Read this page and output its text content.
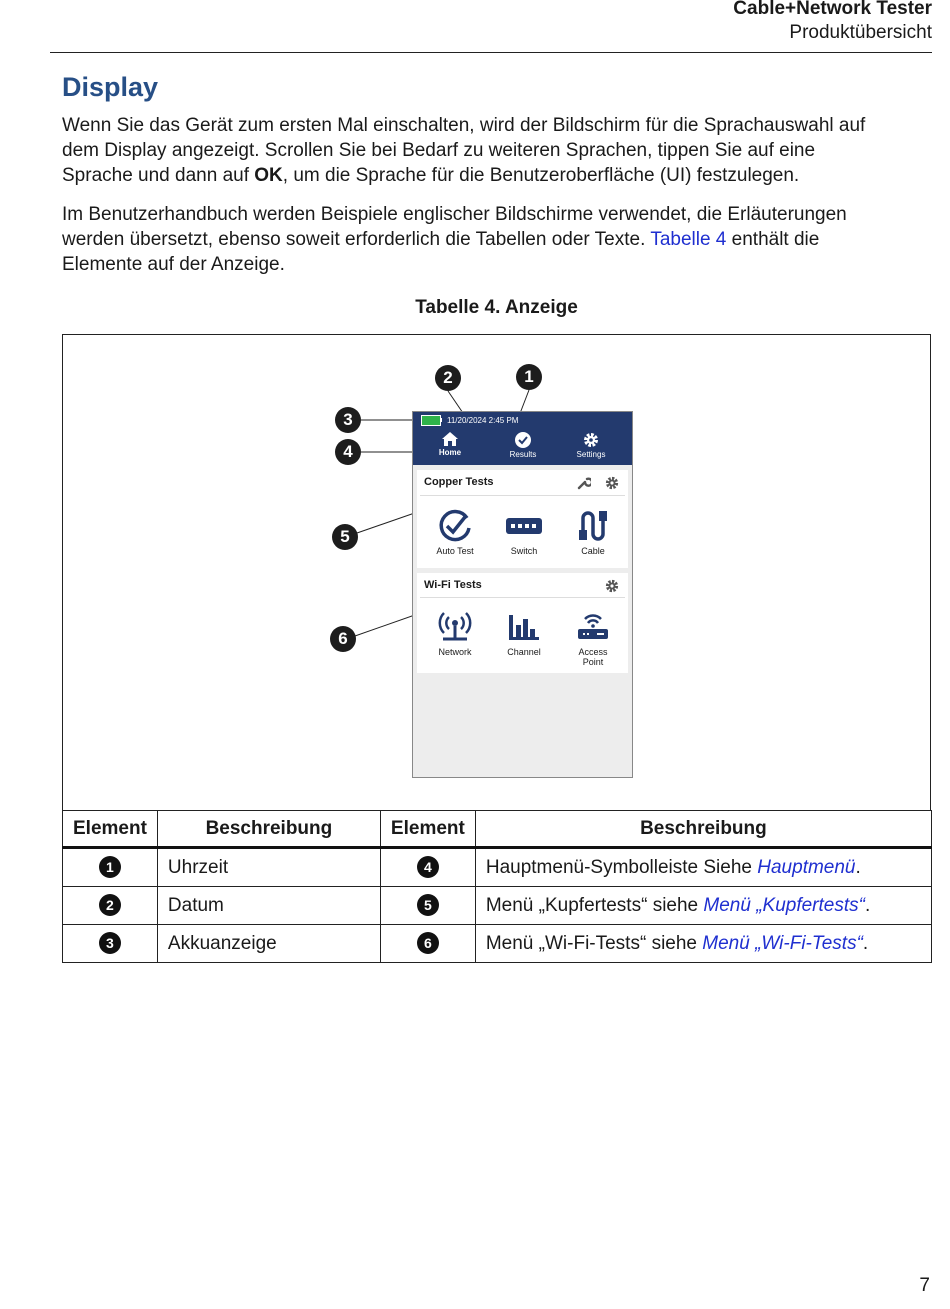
Cable+Network Tester
Produktübersicht
Display
Wenn Sie das Gerät zum ersten Mal einschalten, wird der Bildschirm für die Sprachauswahl auf
dem Display angezeigt. Scrollen Sie bei Bedarf zu weiteren Sprachen, tippen Sie auf eine
Sprache und dann auf OK, um die Sprache für die Benutzeroberfläche (UI) festzulegen.
Im Benutzerhandbuch werden Beispiele englischer Bildschirme verwendet, die Erläuterungen
werden übersetzt, ebenso soweit erforderlich die Tabellen oder Texte. Tabelle 4 enthält die
Elemente auf der Anzeige.
Tabelle 4. Anzeige
1
2
3
4
5
6
11/20/2024 2:45 PM
Home	Results	Settings
Copper Tests
Auto Test	Switch	Cable
Wi-Fi Tests
Network	Channel	Access
Point
Element	Beschreibung	Element	Beschreibung
1	Uhrzeit	4	Hauptmenü-Symbolleiste Siehe Hauptmenü.
2	Datum	5	Menü „Kupfertests“ siehe Menü „Kupfertests“.
3	Akkuanzeige	6	Menü „Wi-Fi-Tests“ siehe Menü „Wi-Fi-Tests“.
7
